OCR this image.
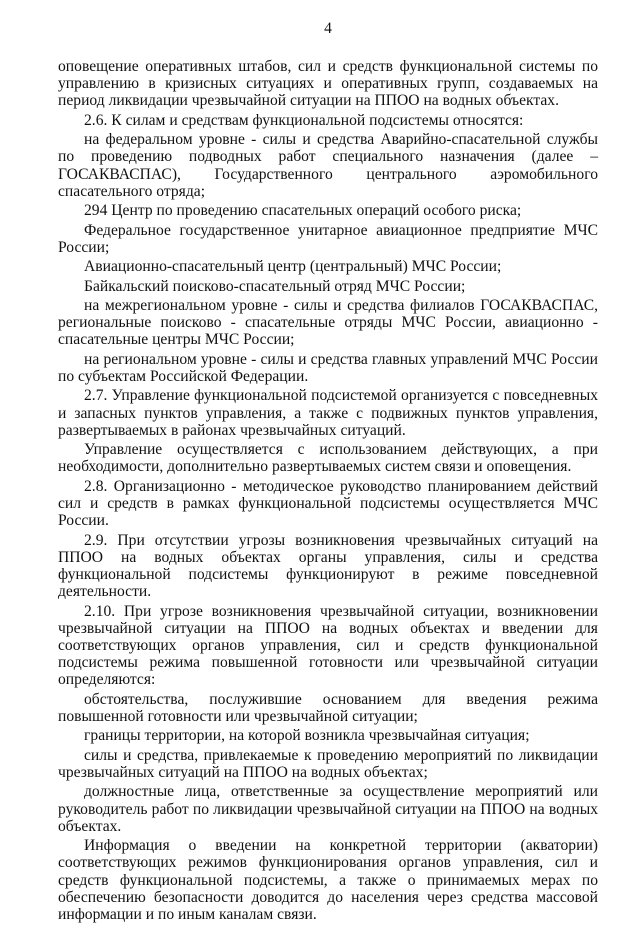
4

оповещение оперативных штабов, сил и средств функциональной системы по управлению в кризисных ситуациях и оперативных групп, создаваемых на период ликвидации чрезвычайной ситуации на ППОО на водных объектах.

2.6. К силам и средствам функциональной подсистемы относятся:

на федеральном уровне - силы и средства Аварийно-спасательной службы по проведению подводных работ специального назначения (далее – ГОСАКВАСПАС), Государственного центрального аэромобильного спасательного отряда;

294 Центр по проведению спасательных операций особого риска;

Федеральное государственное унитарное авиационное предприятие МЧС России;

Авиационно-спасательный центр (центральный) МЧС России;

Байкальский поисково-спасательный отряд МЧС России;

на межрегиональном уровне - силы и средства филиалов ГОСАКВАСПАС, региональные поисково - спасательные отряды МЧС России, авиационно - спасательные центры МЧС России;

на региональном уровне - силы и средства главных управлений МЧС России по субъектам Российской Федерации.

2.7. Управление функциональной подсистемой организуется с повседневных и запасных пунктов управления, а также с подвижных пунктов управления, развертываемых в районах чрезвычайных ситуаций.

Управление осуществляется с использованием действующих, а при необходимости, дополнительно развертываемых систем связи и оповещения.

2.8. Организационно - методическое руководство планированием действий сил и средств в рамках функциональной подсистемы осуществляется МЧС России.

2.9. При отсутствии угрозы возникновения чрезвычайных ситуаций на ППОО на водных объектах органы управления, силы и средства функциональной подсистемы функционируют в режиме повседневной деятельности.

2.10. При угрозе возникновения чрезвычайной ситуации, возникновении чрезвычайной ситуации на ППОО на водных объектах и введении для соответствующих органов управления, сил и средств функциональной подсистемы режима повышенной готовности или чрезвычайной ситуации определяются:

обстоятельства, послужившие основанием для введения режима повышенной готовности или чрезвычайной ситуации;

границы территории, на которой возникла чрезвычайная ситуация;

силы и средства, привлекаемые к проведению мероприятий по ликвидации чрезвычайных ситуаций на ППОО на водных объектах;

должностные лица, ответственные за осуществление мероприятий или руководитель работ по ликвидации чрезвычайной ситуации на ППОО на водных объектах.

Информация о введении на конкретной территории (акватории) соответствующих режимов функционирования органов управления, сил и средств функциональной подсистемы, а также о принимаемых мерах по обеспечению безопасности доводится до населения через средства массовой информации и по иным каналам связи.
